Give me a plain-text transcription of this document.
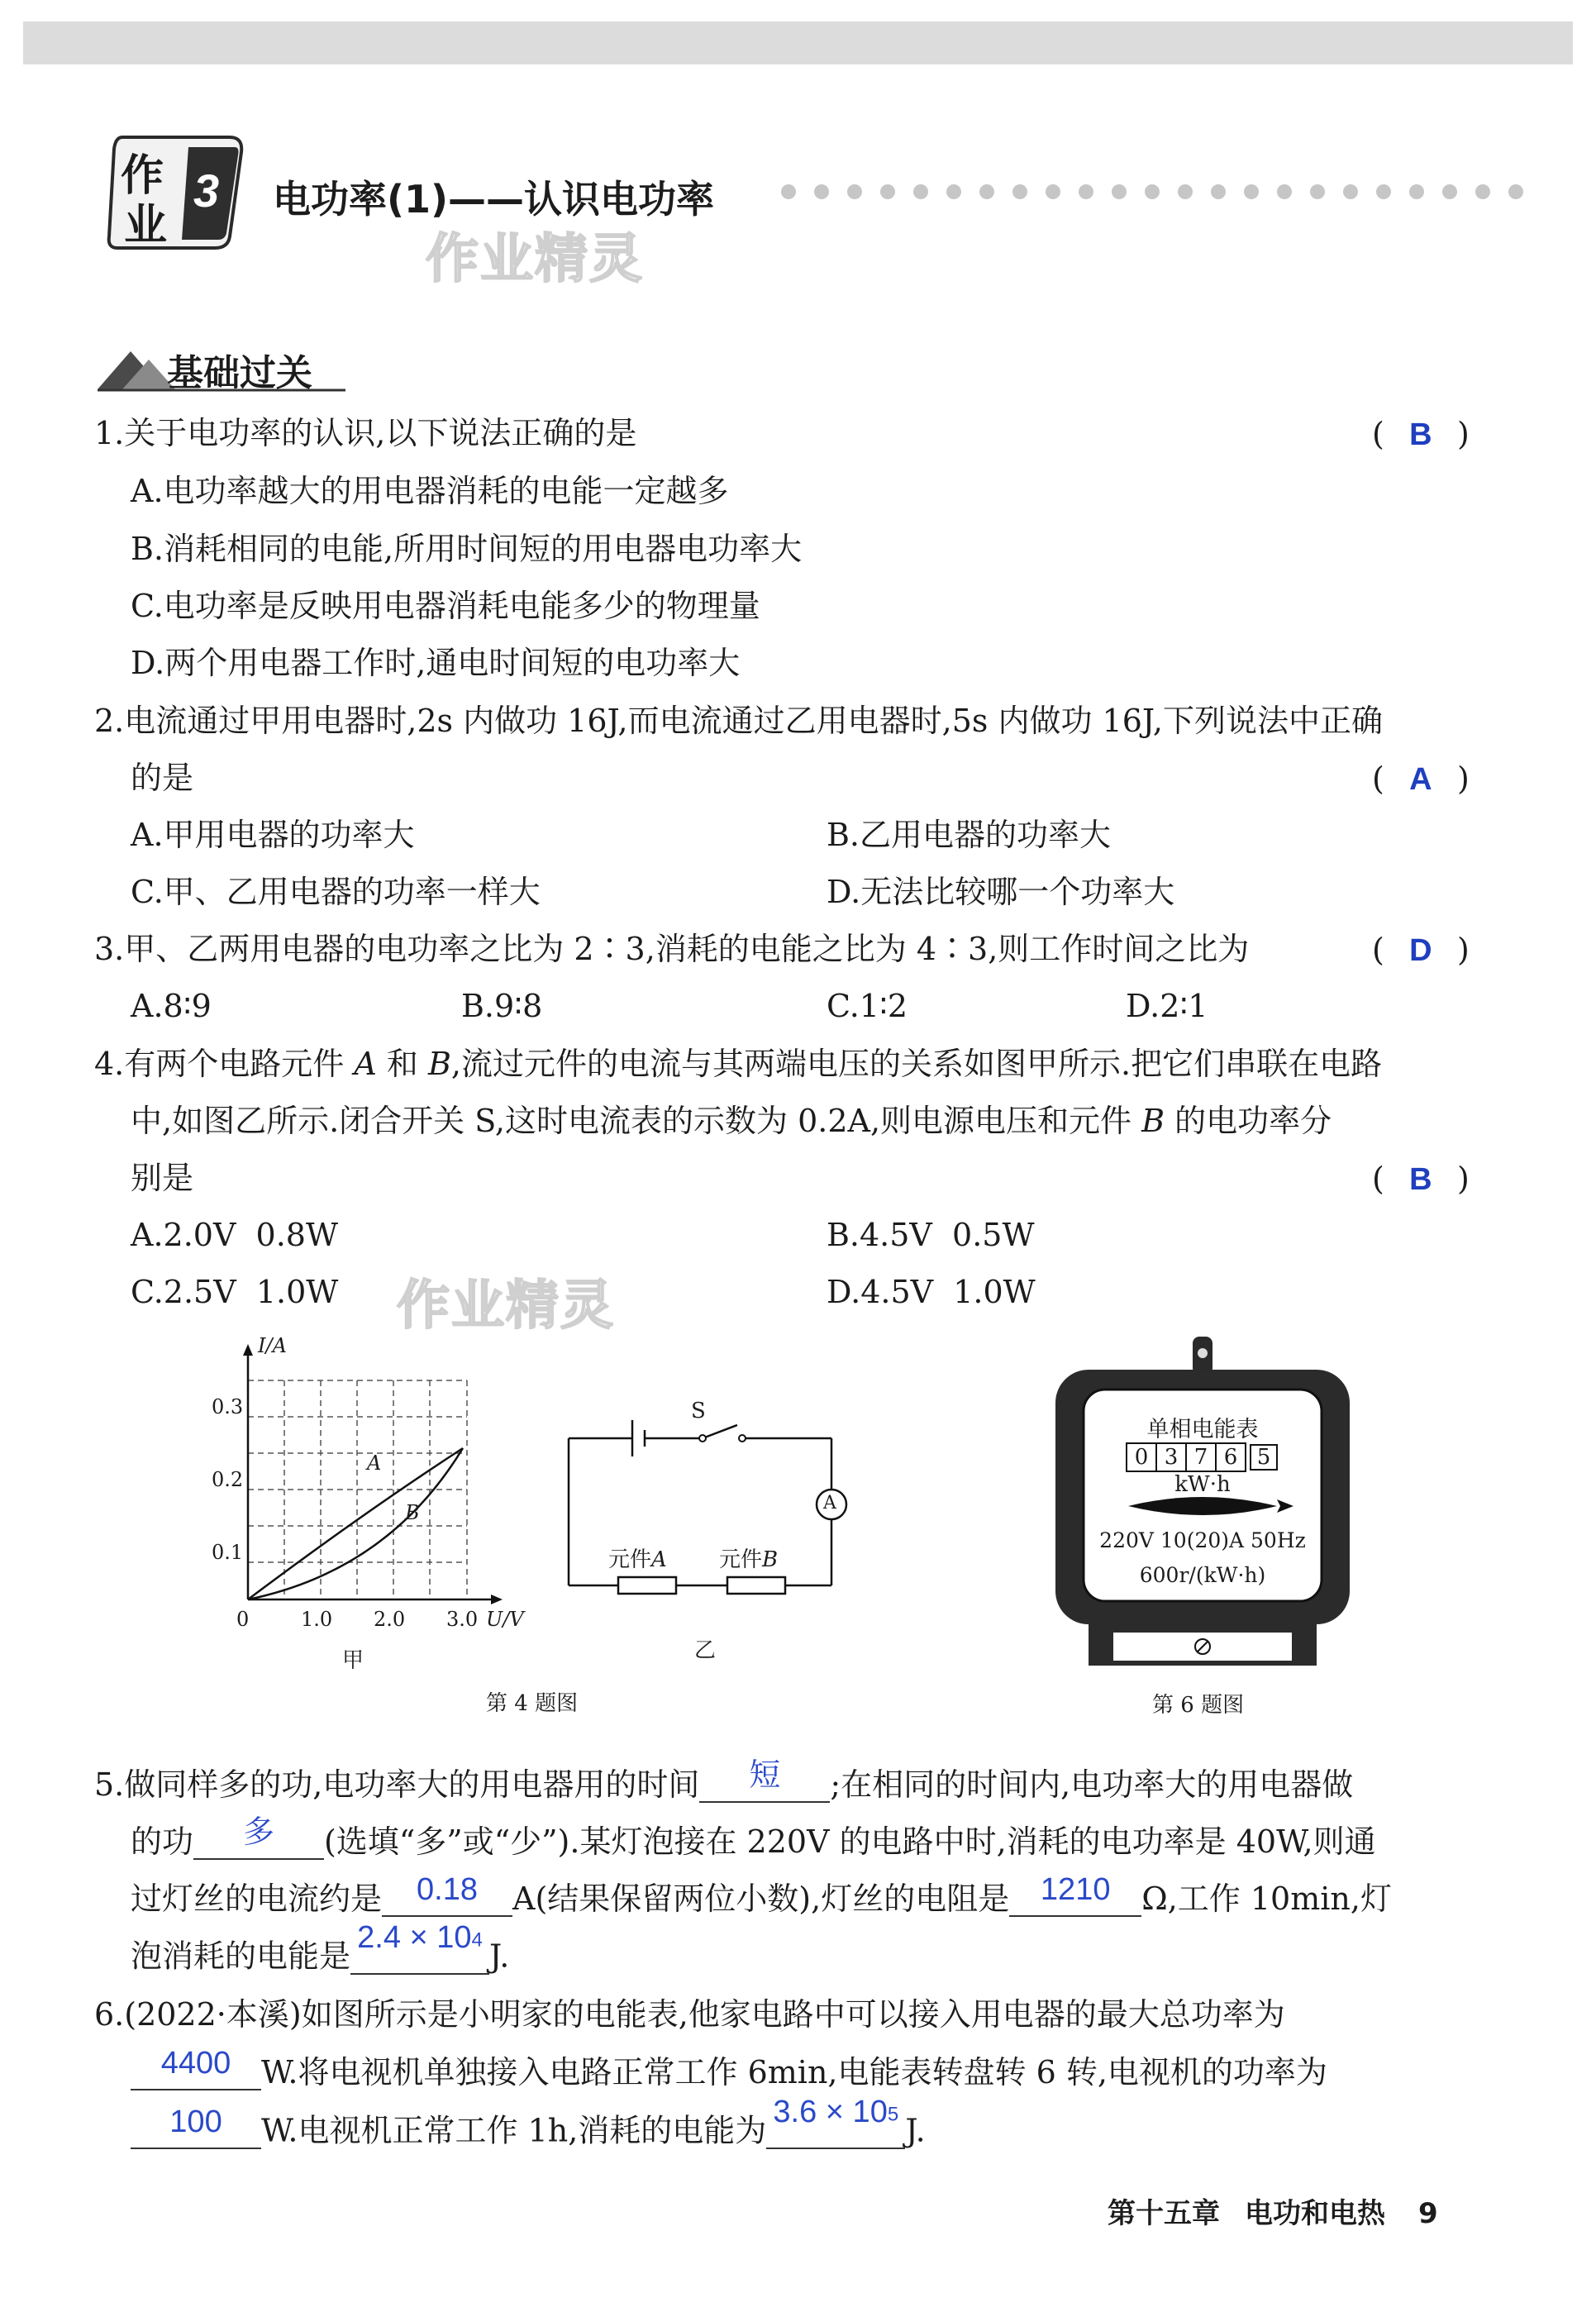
作
业
3 电功率(1)——认识电功率
作业精灵
基础过关
1.关于电功率的认识,以下说法正确的是	( B )
A.电功率越大的用电器消耗的电能一定越多
B.消耗相同的电能,所用时间短的用电器电功率大
C.电功率是反映用电器消耗电能多少的物理量
D.两个用电器工作时,通电时间短的电功率大
2.电流通过甲用电器时,2s 内做功 16J,而电流通过乙用电器时,5s 内做功 16J,下列说法中正确
的是	( A )
A.甲用电器的功率大	B.乙用电器的功率大
C.甲、乙用电器的功率一样大	D.无法比较哪一个功率大
3.甲、乙两用电器的电功率之比为 2∶3,消耗的电能之比为 4∶3,则工作时间之比为	( D )
A.8∶9	B.9∶8	C.1∶2	D.2∶1
4.有两个电路元件 A 和 B,流过元件的电流与其两端电压的关系如图甲所示.把它们串联在电路
中,如图乙所示.闭合开关 S,这时电流表的示数为 0.2A,则电源电压和元件 B 的电功率分
别是	( B )
A.2.0V  0.8W	B.4.5V  0.5W
C.2.5V  1.0W	D.4.5V  1.0W
作业精灵
I/A
0.3
0.2
0.1
0	1.0 2.0 3.0 U/V
A
B
甲
S
A
元件A 元件B
乙
第 4 题图
单相电能表
0 3 7 6 5
kW·h
220V 10(20)A 50Hz
600r/(kW·h)
第 6 题图
5.做同样多的功,电功率大的用电器用的时间 短 ;在相同的时间内,电功率大的用电器做
的功 多 (选填“多”或“少”).某灯泡接在 220V 的电路中时,消耗的电功率是 40W,则通
过灯丝的电流约是 0.18 A(结果保留两位小数),灯丝的电阻是 1210 Ω,工作 10min,灯
泡消耗的电能是$2.4 \times 10^4$ J.
6.(2022·本溪)如图所示是小明家的电能表,他家电路中可以接入用电器的最大总功率为
4400 W.将电视机单独接入电路正常工作 6min,电能表转盘转 6 转,电视机的功率为
100 W.电视机正常工作 1h,消耗的电能为$3.6 \times 10^5$ J.
第十五章 电功和电热 9
